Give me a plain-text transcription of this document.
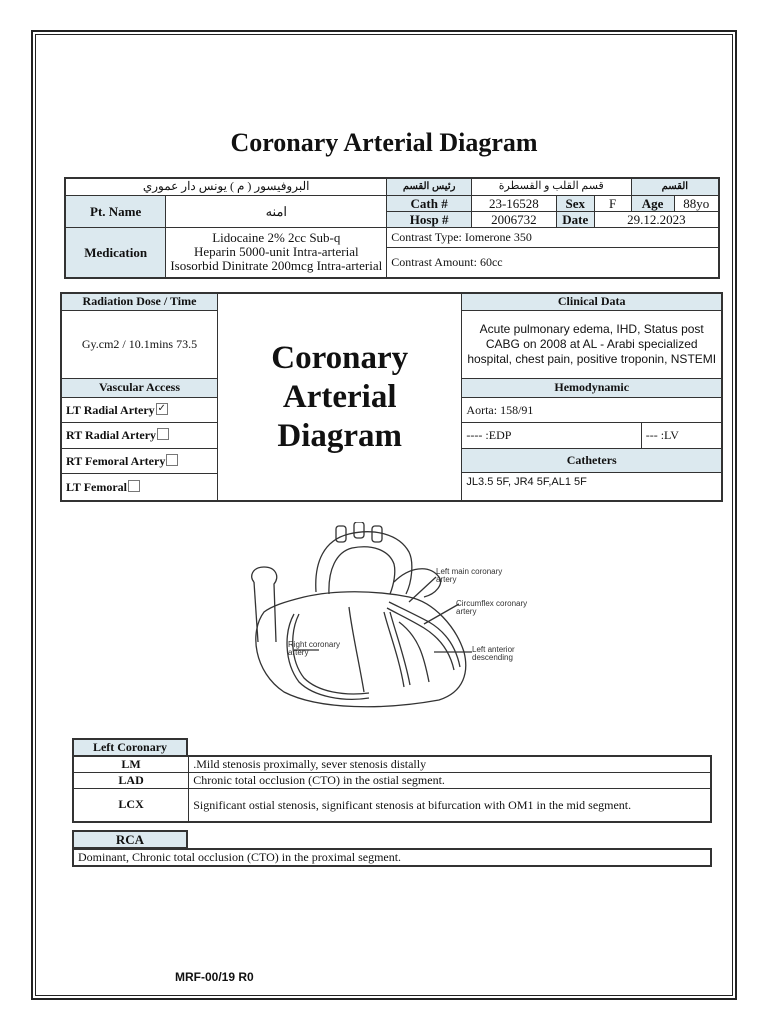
Coronary Arterial Diagram
البروفيسور ( م ) يونس دار عموري		رئيس القسم	قسم القلب و القسطرة			القسم	
Pt. Name	امنه	Cath #	23-16528	Sex	F	Age	88yo
		Hosp #	2006732	Date	29.12.2023		
Medication	Lidocaine 2% 2cc Sub-q
Heparin 5000-unit Intra-arterial
Isosorbid Dinitrate 200mcg Intra-arterial	Contrast Type: Iomerone 350					
		Contrast Amount: 60cc					
Radiation Dose / Time	Coronary
Arterial
Diagram	Clinical Data	
Gy.cm2 / 10.1mins 73.5		Acute pulmonary edema, IHD, Status post CABG on 2008 at AL - Arabi specialized hospital, chest pain, positive troponin, NSTEMI	
Vascular Access		Hemodynamic	
LT Radial Artery ✓		Aorta: 158/91	
RT Radial Artery		---- :EDP	--- :LV
RT Femoral Artery		Catheters	
		JL3.5 5F, JR4 5F,AL1 5F	
LT Femoral			
Left main coronary
artery
Circumflex coronary
artery
Right coronary
artery	Left anterior
descending
Left Coronary
LM	.Mild stenosis proximally, sever stenosis distally
LAD	Chronic total occlusion (CTO) in the ostial segment.
LCX	Significant ostial stenosis, significant stenosis at bifurcation with OM1 in the mid segment.
RCA
Dominant, Chronic total occlusion (CTO) in the proximal segment.
MRF-00/19 R0
